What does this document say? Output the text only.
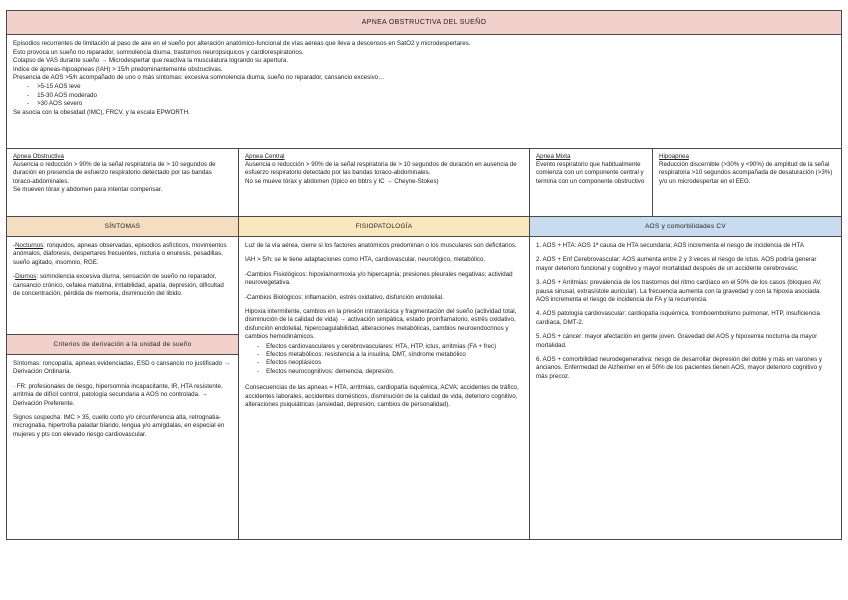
APNEA OBSTRUCTIVA DEL SUEÑO

Episodios recurrentes de limitación al paso de aire en el sueño por alteración anatómico-funcional de vías aéreas que lleva a descensos en SatO2 y microdespertares.

Esto provoca un sueño no reparador, somnolencia diurna, trastornos neuropsiquicos y cardiorespiratorios.

Colapso de VAS durante sueño → Microdespertar que reactiva la musculatura logrando su apertura.

Indice de apneas-hipoapneas (IAH) > 15/h predominantemente obstructivas.

Presencia de AOS >5/h acompañado de uno o más síntomas: excesiva somnolencia diurna, sueño no reparador, cansancio excesivo…

- >5-15 AOS leve
- 15-30 AOS moderado
- >30 AOS severo

Se asocia con la obesidad (IMC), FRCV, y la escala EPWORTH.

Apnea Obstructiva
Ausencia o reducción > 90% de la señal respiratoria de > 10 segundos de duración en presencia de esfuerzo respiratorio detectado por las bandas toraco-abdominales.
Se mueven tórax y abdomen para intentar compensar.
Apnea Central
Ausencia o reducción > 90% de la señal respiratoria de > 10 segundos de duración en ausencia de esfuerzo respiratorio detectado por las bandas toraco-abdominales.
No se mueve tórax y abdomen (típico en bbtrs y IC → Cheyne-Stokes)
Apnea Mixta
Evento respiratorio que habitualmente comienza con un componente central y termina con un componente obstructivo
Hipoapnea
Reducción discernible (>30% y <90%) de amplitud de la señal respiratoria >10 segundos acompañada de desaturación (>3%) y/o un microdespertar en el EEG.
SÍNTOMAS	FISIOPATOLOGÍA	AOS y comorbilidades CV

-Nocturnos: ronquidos, apneas observadas, episodios asfícticos, movimientos anómalos, diaforesis, despertares frecuentes, nicturia o enuresis, pesadillas, sueño agitado, insomnio, RGE.

-Diurnos: somnolencia excesiva diurna, sensación de sueño no reparador, cansancio crónico, cefalea matutina, irritabilidad, apatía, depresión, dificultad de concentración, pérdida de memoria, disminución del libido.

Criterios de derivación a la unidad de sueño

Síntomas: roncopatía, apneas evidenciadas, ESD o cansancio no justificado → Derivación Ordinaria.

· FR: profesionales de riesgo, hipersomnia incapacitante, IR, HTA resistente, arritmia de difícil control, patología secundaria a AOS no controlada. → Derivación Preferente.

Signos sospecha: IMC > 35, cuello corto y/o circunferencia alta, retrognatia-micrognatia, hipertrofia paladar blando, lengua y/o amígdalas, en especial en mujeres y pts con elevado riesgo cardiovascular.

Luz de la vía aérea, cierre si los factores anatómicos predominan o los musculares son deficitarios.

IAH > 5/h: se le tiene adaptaciones como HTA, cardiovascular, neurológico, metabólico.

-Cambios Fisiológicos: hipoxia/normoxia y/o hipercapnia; presiones pleurales negativas; actividad neurovegetativa.

-Cambios Biológicos: inflamación, estrés oxidativo, disfunción endotelial.

Hipoxia intermitente, cambios en la presión intratorácica y fragmentación del sueño (actividad total, disminución de la calidad de vida) → activación simpática, estado proinflamatorio, estrés oxidativo, disfunción endotelial, hipercoagulabilidad, alteraciones metabólicas, cambios neuroendocrinos y cambios hemodinámicos.

- Efectos cardiovasculares y cerebrovasculares: HTA, HTP, ictus, arritmias (FA + frec)
- Efectos metabólicos: resistencia a la insulina, DMT, síndrome metabólico
- Efectos neoplásicos
- Efectos neurocognitivos: demencia, depresión.

Consecuencias de las apneas = HTA, arritmias, cardiopatía isquémica, ACVA; accidentes de tráfico, accidentes laborales, accidentes domésticos, disminución de la calidad de vida, deterioro cognitivo, alteraciones psiquiátricas (ansiedad, depresión, cambios de personalidad).

1. AOS + HTA: AOS 1ª causa de HTA secundaria; AOS incrementa el riesgo de incidencia de HTA

2. AOS + Enf Cerebrovascular: AOS aumenta entre 2 y 3 veces el riesgo de ictus. AOS podría generar mayor deterioro funcional y cognitivo y mayor mortalidad después de un accidente cerebrovasc.

3. AOS + Arritmias: prevalencia de los trastornos del ritmo cardíaco en el 50% de los casos (bloqueo AV, pausa sinusal, extrasístole auricular). La frecuencia aumenta con la gravedad y con la hipoxia asociada. AOS incrementa el riesgo de incidencia de FA y la recurrencia.

4. AOS patología cardiovascular: cardiopatía isquémica, tromboembolismo pulmonar, HTP, insuficiencia cardíaca, DMT-2.

5. AOS + cáncer: mayor afectación en gente joven. Gravedad del AOS y hipoxemia nocturna da mayor mortalidad.

6. AOS + comorbilidad neurodegenerativa: riesgo de desarrollar depresión del doble y más en varones y ancianos. Enfermedad de Alzheimer en el 50% de los pacientes tienen AOS, mayor deterioro cognitivo y más precoz.
